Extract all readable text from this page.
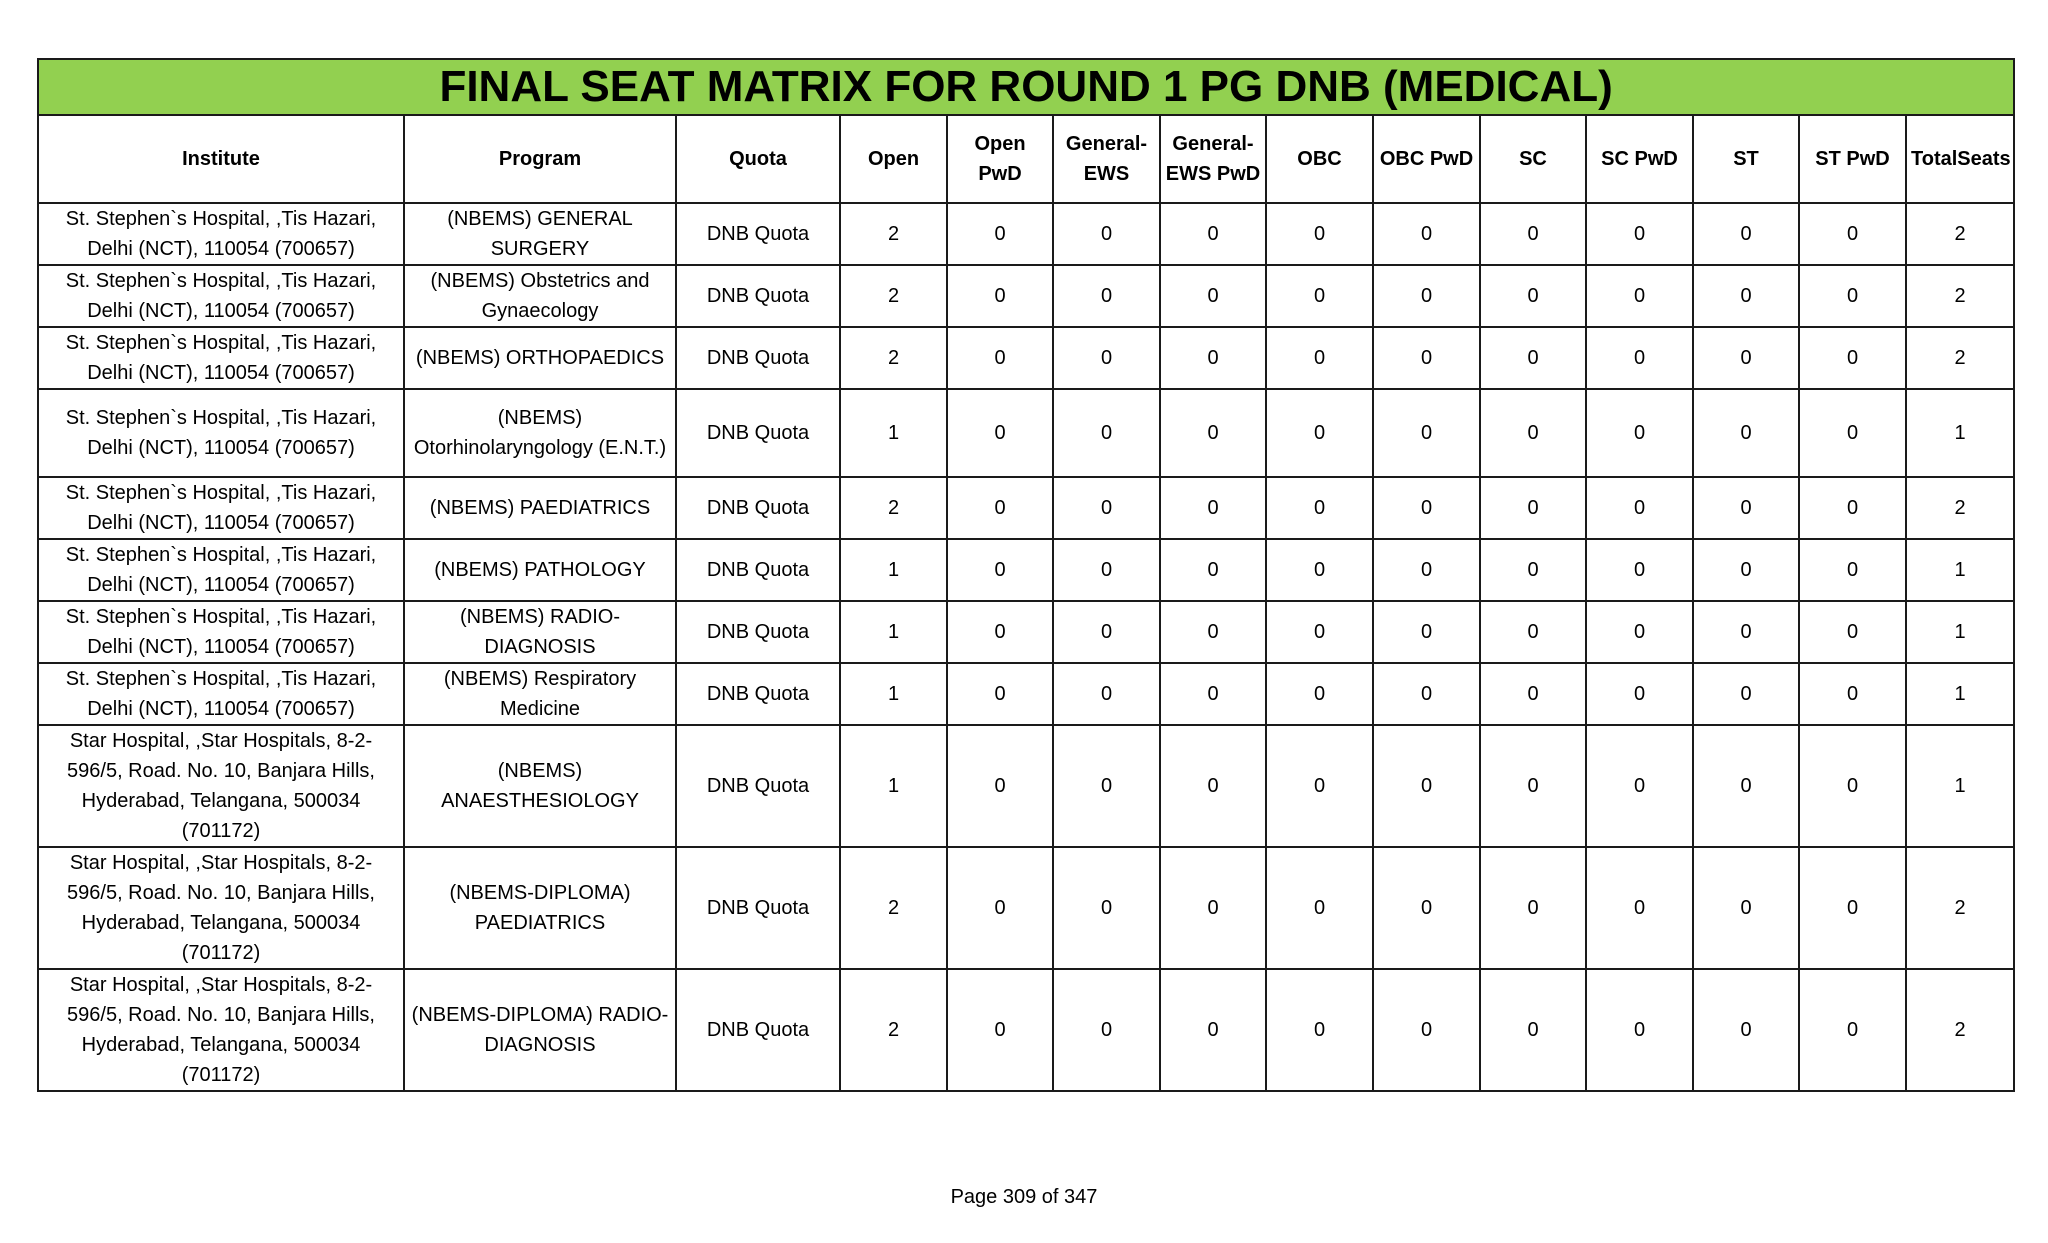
FINAL SEAT MATRIX FOR ROUND 1 PG DNB (MEDICAL)													
Institute	Program	Quota	Open	Open PwD	General-EWS	General-EWS PwD	OBC	OBC PwD	SC	SC PwD	ST	ST PwD	TotalSeats
St. Stephen`s Hospital, ,Tis Hazari, Delhi (NCT), 110054 (700657)	(NBEMS) GENERAL SURGERY	DNB Quota	2	0	0	0	0	0	0	0	0	0	2
St. Stephen`s Hospital, ,Tis Hazari, Delhi (NCT), 110054 (700657)	(NBEMS) Obstetrics and Gynaecology	DNB Quota	2	0	0	0	0	0	0	0	0	0	2
St. Stephen`s Hospital, ,Tis Hazari, Delhi (NCT), 110054 (700657)	(NBEMS) ORTHOPAEDICS	DNB Quota	2	0	0	0	0	0	0	0	0	0	2
St. Stephen`s Hospital, ,Tis Hazari, Delhi (NCT), 110054 (700657)	(NBEMS) Otorhinolaryngology (E.N.T.)	DNB Quota	1	0	0	0	0	0	0	0	0	0	1
St. Stephen`s Hospital, ,Tis Hazari, Delhi (NCT), 110054 (700657)	(NBEMS) PAEDIATRICS	DNB Quota	2	0	0	0	0	0	0	0	0	0	2
St. Stephen`s Hospital, ,Tis Hazari, Delhi (NCT), 110054 (700657)	(NBEMS) PATHOLOGY	DNB Quota	1	0	0	0	0	0	0	0	0	0	1
St. Stephen`s Hospital, ,Tis Hazari, Delhi (NCT), 110054 (700657)	(NBEMS) RADIO-DIAGNOSIS	DNB Quota	1	0	0	0	0	0	0	0	0	0	1
St. Stephen`s Hospital, ,Tis Hazari, Delhi (NCT), 110054 (700657)	(NBEMS) Respiratory Medicine	DNB Quota	1	0	0	0	0	0	0	0	0	0	1
Star Hospital, ,Star Hospitals, 8-2-596/5, Road. No. 10, Banjara Hills, Hyderabad, Telangana, 500034 (701172)	(NBEMS) ANAESTHESIOLOGY	DNB Quota	1	0	0	0	0	0	0	0	0	0	1
Star Hospital, ,Star Hospitals, 8-2-596/5, Road. No. 10, Banjara Hills, Hyderabad, Telangana, 500034 (701172)	(NBEMS-DIPLOMA) PAEDIATRICS	DNB Quota	2	0	0	0	0	0	0	0	0	0	2
Star Hospital, ,Star Hospitals, 8-2-596/5, Road. No. 10, Banjara Hills, Hyderabad, Telangana, 500034 (701172)	(NBEMS-DIPLOMA) RADIO-DIAGNOSIS	DNB Quota	2	0	0	0	0	0	0	0	0	0	2
Page 309 of 347
